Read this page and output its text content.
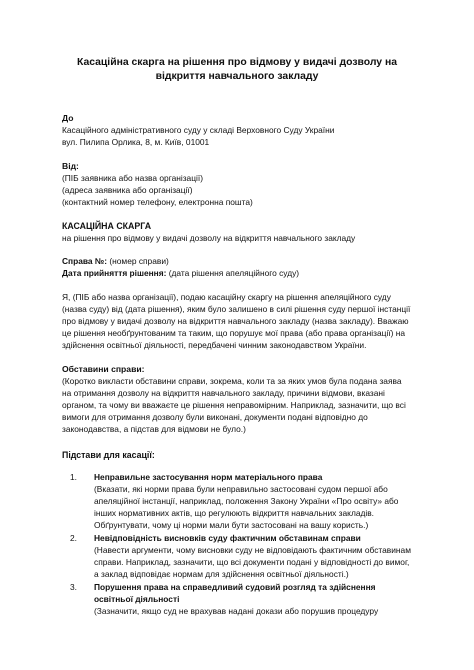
Касаційна скарга на рішення про відмову у видачі дозволу на відкриття навчального закладу
До
Касаційного адміністративного суду у складі Верховного Суду України
вул. Пилипа Орлика, 8, м. Київ, 01001
Від:
(ПІБ заявника або назва організації)
(адреса заявника або організації)
(контактний номер телефону, електронна пошта)
КАСАЦІЙНА СКАРГА
на рішення про відмову у видачі дозволу на відкриття навчального закладу
Справа №: (номер справи)
Дата прийняття рішення: (дата рішення апеляційного суду)

Я, (ПІБ або назва організації), подаю касаційну скаргу на рішення апеляційного суду (назва суду) від (дата рішення), яким було залишено в силі рішення суду першої інстанції про відмову у видачі дозволу на відкриття навчального закладу (назва закладу). Вважаю це рішення необґрунтованим та таким, що порушує мої права (або права організації) на здійснення освітньої діяльності, передбачені чинним законодавством України.

Обставини справи:
(Коротко викласти обставини справи, зокрема, коли та за яких умов була подана заява на отримання дозволу на відкриття навчального закладу, причини відмови, вказані органом, та чому ви вважаєте це рішення неправомірним. Наприклад, зазначити, що всі вимоги для отримання дозволу були виконані, документи подані відповідно до законодавства, а підстав для відмови не було.)
Підстави для касації:
1.	Неправильне застосування норм матеріального права
(Вказати, які норми права були неправильно застосовані судом першої або апеляційної інстанції, наприклад, положення Закону України «Про освіту» або інших нормативних актів, що регулюють відкриття навчальних закладів. Обґрунтувати, чому ці норми мали бути застосовані на вашу користь.)
2.	Невідповідність висновків суду фактичним обставинам справи
(Навести аргументи, чому висновки суду не відповідають фактичним обставинам справи. Наприклад, зазначити, що всі документи подані у відповідності до вимог, а заклад відповідає нормам для здійснення освітньої діяльності.)
3.	Порушення права на справедливий судовий розгляд та здійснення освітньої діяльності
(Зазначити, якщо суд не врахував надані докази або порушив процедуру
